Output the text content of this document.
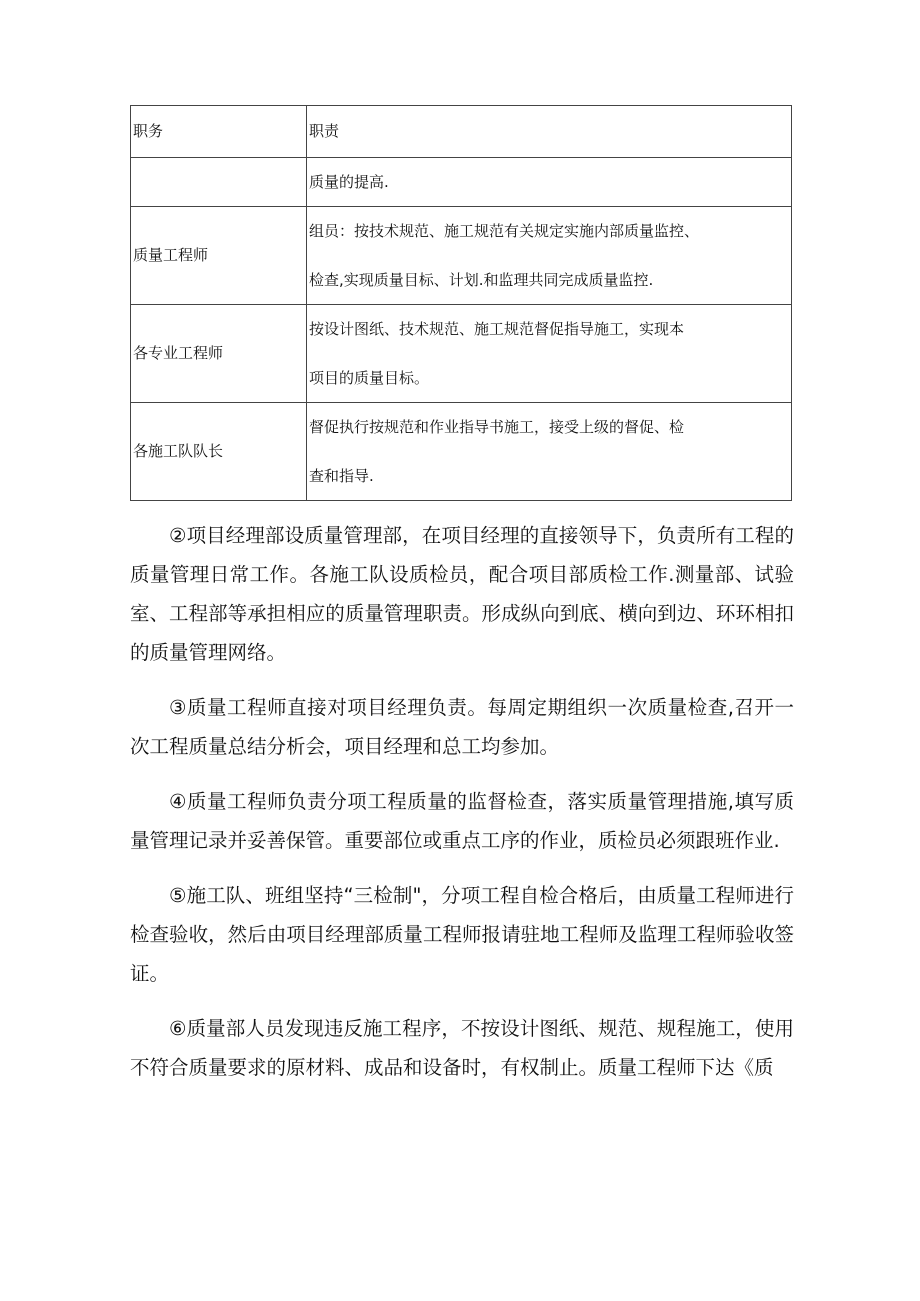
职务	职责
	质量的提高.
质量工程师	组员：按技术规范、施工规范有关规定实施内部质量监控、
检查,实现质量目标、计划.和监理共同完成质量监控.

各专业工程师	按设计图纸、技术规范、施工规范督促指导施工，实现本
项目的质量目标。

各施工队队长	督促执行按规范和作业指导书施工，接受上级的督促、检
查和指导.

②项目经理部设质量管理部，在项目经理的直接领导下，负责所有工程的质量管理日常工作。各施工队设质检员，配合项目部质检工作.测量部、试验室、工程部等承担相应的质量管理职责。形成纵向到底、横向到边、环环相扣的质量管理网络。

③质量工程师直接对项目经理负责。每周定期组织一次质量检查,召开一次工程质量总结分析会，项目经理和总工均参加。

④质量工程师负责分项工程质量的监督检查，落实质量管理措施,填写质量管理记录并妥善保管。重要部位或重点工序的作业，质检员必须跟班作业.

⑤施工队、班组坚持“三检制"，分项工程自检合格后，由质量工程师进行检查验收，然后由项目经理部质量工程师报请驻地工程师及监理工程师验收签证。

⑥质量部人员发现违反施工程序，不按设计图纸、规范、规程施工，使用不符合质量要求的原材料、成品和设备时，有权制止。质量工程师下达《质
